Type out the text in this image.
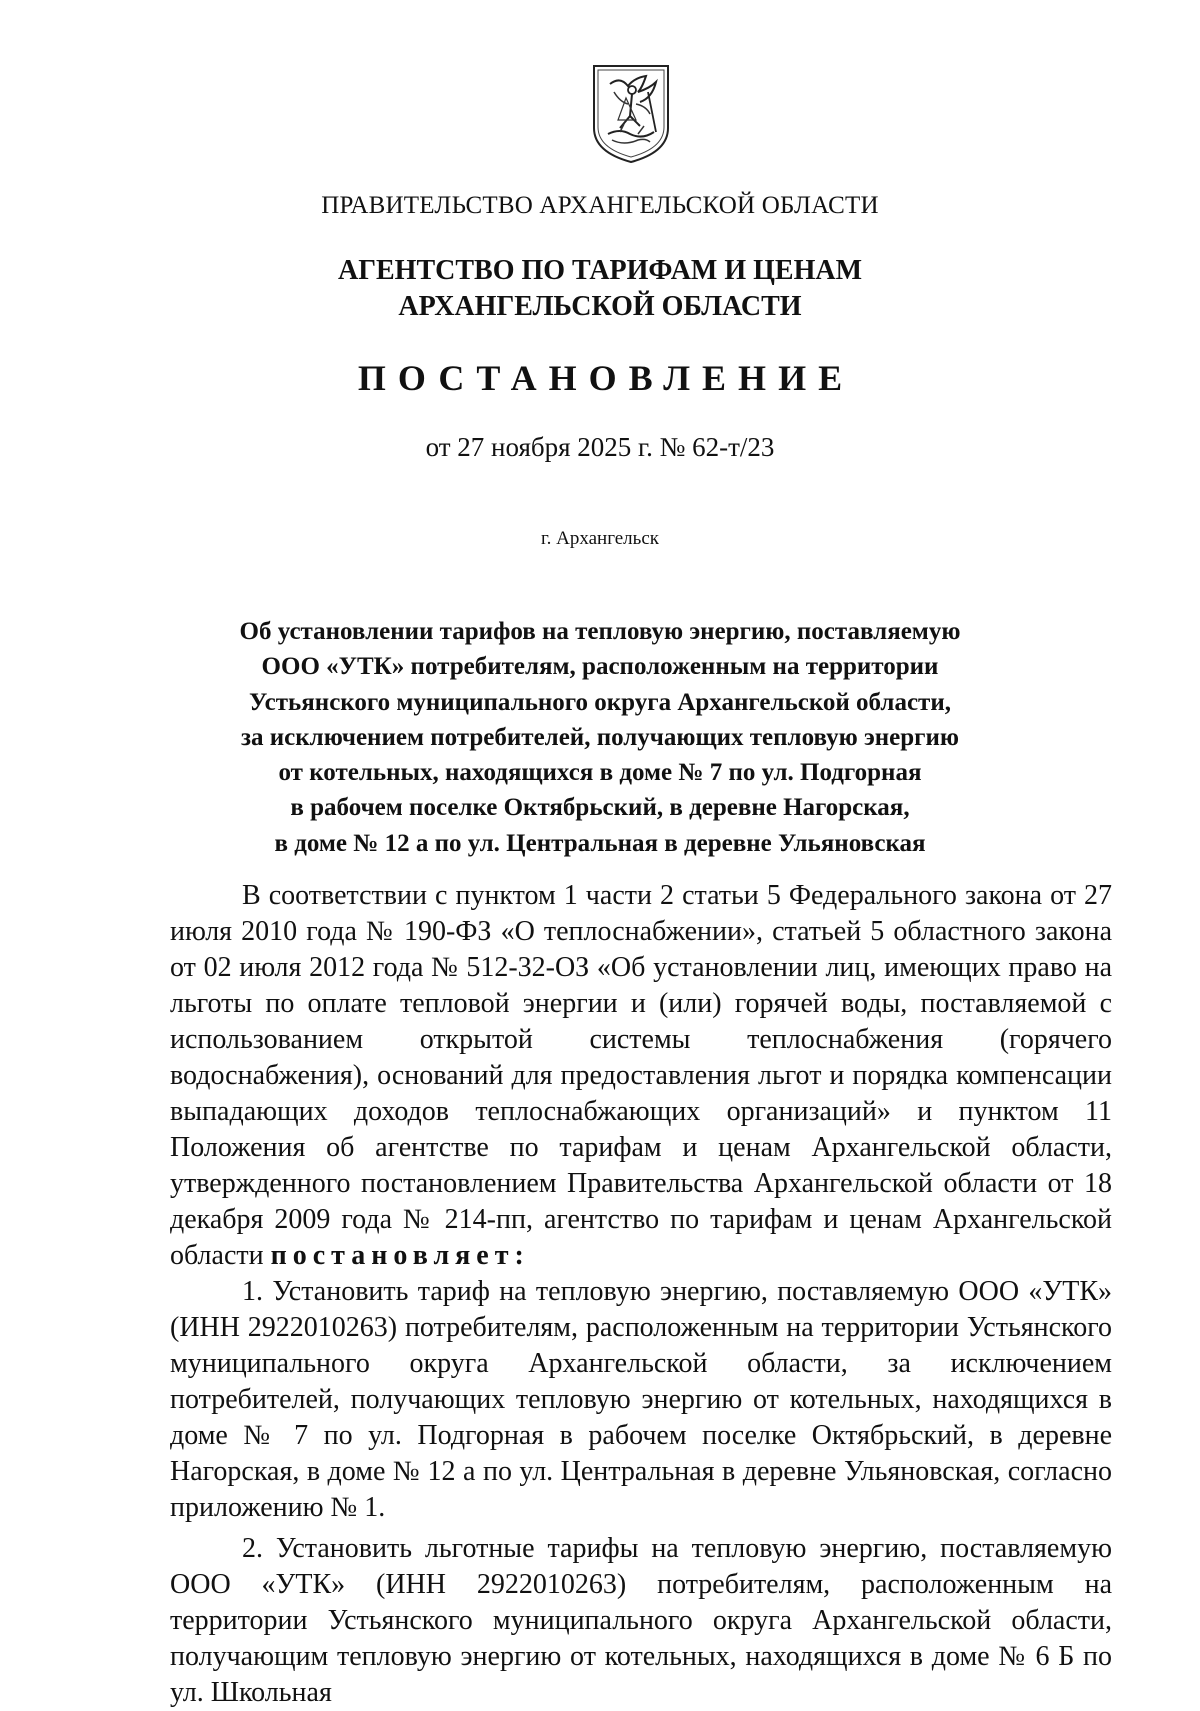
ПРАВИТЕЛЬСТВО АРХАНГЕЛЬСКОЙ ОБЛАСТИ
АГЕНТСТВО ПО ТАРИФАМ И ЦЕНАМ
АРХАНГЕЛЬСКОЙ ОБЛАСТИ
ПОСТАНОВЛЕНИЕ
от 27 ноября 2025 г. № 62-т/23
г. Архангельск
Об установлении тарифов на тепловую энергию, поставляемую
ООО «УТК» потребителям, расположенным на территории
Устьянского муниципального округа Архангельской области,
за исключением потребителей, получающих тепловую энергию
от котельных, находящихся в доме № 7 по ул. Подгорная
в рабочем поселке Октябрьский, в деревне Нагорская,
в доме № 12 а по ул. Центральная в деревне Ульяновская

В соответствии с пунктом 1 части 2 статьи 5 Федерального закона от 27 июля 2010 года № 190-ФЗ «О теплоснабжении», статьей 5 областного закона от 02 июля 2012 года № 512-32-ОЗ «Об установлении лиц, имеющих право на льготы по оплате тепловой энергии и (или) горячей воды, поставляемой с использованием открытой системы теплоснабжения (горячего водоснабжения), оснований для предоставления льгот и порядка компенсации выпадающих доходов теплоснабжающих организаций» и пунктом 11 Положения об агентстве по тарифам и ценам Архангельской области, утвержденного постановлением Правительства Архангельской области от 18 декабря 2009 года № 214-пп, агентство по тарифам и ценам Архангельской области постановляет:

1. Установить тариф на тепловую энергию, поставляемую ООО «УТК» (ИНН 2922010263) потребителям, расположенным на территории Устьянского муниципального округа Архангельской области, за исключением потребителей, получающих тепловую энергию от котельных, находящихся в доме № 7 по ул. Подгорная в рабочем поселке Октябрьский, в деревне Нагорская, в доме № 12 а по ул. Центральная в деревне Ульяновская, согласно приложению № 1.

2. Установить льготные тарифы на тепловую энергию, поставляемую ООО «УТК» (ИНН 2922010263) потребителям, расположенным на территории Устьянского муниципального округа Архангельской области, получающим тепловую энергию от котельных, находящихся в доме № 6 Б по ул. Школьная
